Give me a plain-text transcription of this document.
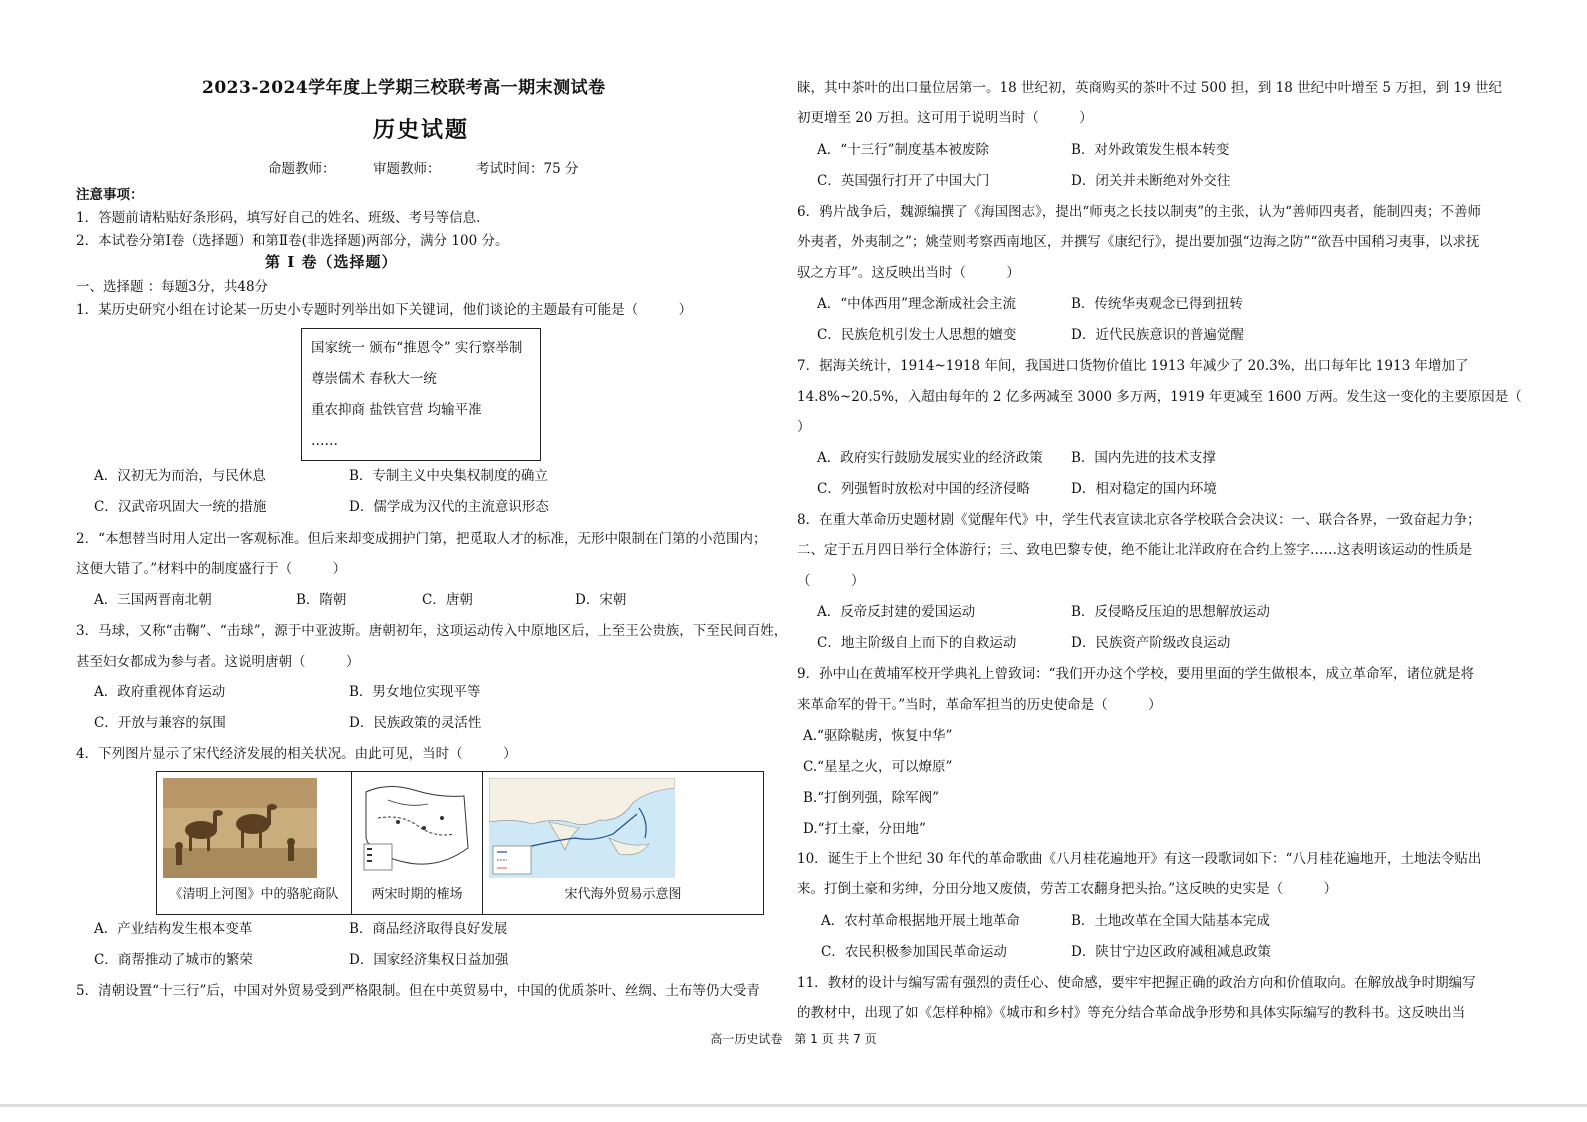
2023-2024学年度上学期三校联考高一期末测试卷
历史试题
命题教师：	审题教师：	考试时间：75 分
注意事项：
1．答题前请粘贴好条形码，填写好自己的姓名、班级、考号等信息．
2．本试卷分第Ⅰ卷（选择题）和第Ⅱ卷(非选择题)两部分，满分 100 分。
第 Ⅰ 卷（选择题）
一、选择题 ：每题3分，共48分
1．某历史研究小组在讨论某一历史小专题时列举出如下关键词，他们谈论的主题最有可能是（　　　）
国家统一 颁布“推恩令” 实行察举制
尊崇儒术 春秋大一统
重农抑商 盐铁官营 均输平准
……
A．汉初无为而治，与民休息	B．专制主义中央集权制度的确立
C．汉武帝巩固大一统的措施	D．儒学成为汉代的主流意识形态
2．“本想替当时用人定出一客观标准。但后来却变成拥护门第，把觅取人才的标准，无形中限制在门第的小范围内；
这便大错了。”材料中的制度盛行于（　　　）
A．三国两晋南北朝	B．隋朝	C．唐朝	D．宋朝
3．马球，又称“击鞠”、“击球”，源于中亚波斯。唐朝初年，这项运动传入中原地区后，上至王公贵族，下至民间百姓，
甚至妇女都成为参与者。这说明唐朝（　　　）
A．政府重视体育运动	B．男女地位实现平等
C．开放与兼容的氛围	D．民族政策的灵活性
4．下列图片显示了宋代经济发展的相关状况。由此可见，当时（　　　）
A．产业结构发生根本变革	B．商品经济取得良好发展
C．商帮推动了城市的繁荣	D．国家经济集权日益加强
5．清朝设置“十三行”后，中国对外贸易受到严格限制。但在中英贸易中，中国的优质茶叶、丝绸、土布等仍大受青
《清明上河图》中的骆驼商队	两宋时期的榷场	宋代海外贸易示意图
睐，其中茶叶的出口量位居第一。18 世纪初，英商购买的茶叶不过 500 担，到 18 世纪中叶增至 5 万担，到 19 世纪
初更增至 20 万担。这可用于说明当时（　　　）
A．“十三行”制度基本被废除	B．对外政策发生根本转变
C．英国强行打开了中国大门	D．闭关并未断绝对外交往
6．鸦片战争后，魏源编撰了《海国图志》，提出“师夷之长技以制夷”的主张，认为“善师四夷者，能制四夷；不善师
外夷者，外夷制之”；姚莹则考察西南地区，并撰写《康纪行》，提出要加强“边海之防”“欲吾中国稍习夷事，以求抚
驭之方耳”。这反映出当时（　　　）
A．“中体西用”理念渐成社会主流	B．传统华夷观念已得到扭转
C．民族危机引发士人思想的嬗变	D．近代民族意识的普遍觉醒
7．据海关统计，1914~1918 年间，我国进口货物价值比 1913 年减少了 20.3%，出口每年比 1913 年增加了
14.8%~20.5%，入超由每年的 2 亿多两减至 3000 多万两，1919 年更减至 1600 万两。发生这一变化的主要原因是（
）
A．政府实行鼓励发展实业的经济政策 B．国内先进的技术支撑
C．列强暂时放松对中国的经济侵略	D．相对稳定的国内环境
8．在重大革命历史题材剧《觉醒年代》中，学生代表宣读北京各学校联合会决议：一、联合各界，一致奋起力争；
二、定于五月四日举行全体游行；三、致电巴黎专使，绝不能让北洋政府在合约上签字……这表明该运动的性质是
（　　　）
A．反帝反封建的爱国运动	B．反侵略反压迫的思想解放运动
C．地主阶级自上而下的自救运动	D．民族资产阶级改良运动
9．孙中山在黄埔军校开学典礼上曾致词：“我们开办这个学校，要用里面的学生做根本，成立革命军，诸位就是将
来革命军的骨干。”当时，革命军担当的历史使命是（　　　）
A.“驱除鞑虏，恢复中华”
C.“星星之火，可以燎原”
B.“打倒列强，除军阀”
D.“打土豪，分田地”
10．诞生于上个世纪 30 年代的革命歌曲《八月桂花遍地开》有这一段歌词如下：“八月桂花遍地开，土地法令贴出
来。打倒土豪和劣绅，分田分地又废债，劳苦工农翻身把头抬。”这反映的史实是（　　　）
A．农村革命根据地开展土地革命	B．土地改革在全国大陆基本完成
C．农民积极参加国民革命运动	D．陕甘宁边区政府减租减息政策
11．教材的设计与编写需有强烈的责任心、使命感，要牢牢把握正确的政治方向和价值取向。在解放战争时期编写
的教材中，出现了如《怎样种棉》《城市和乡村》等充分结合革命战争形势和具体实际编写的教科书。这反映出当
高一历史试卷　第 1 页 共 7 页
